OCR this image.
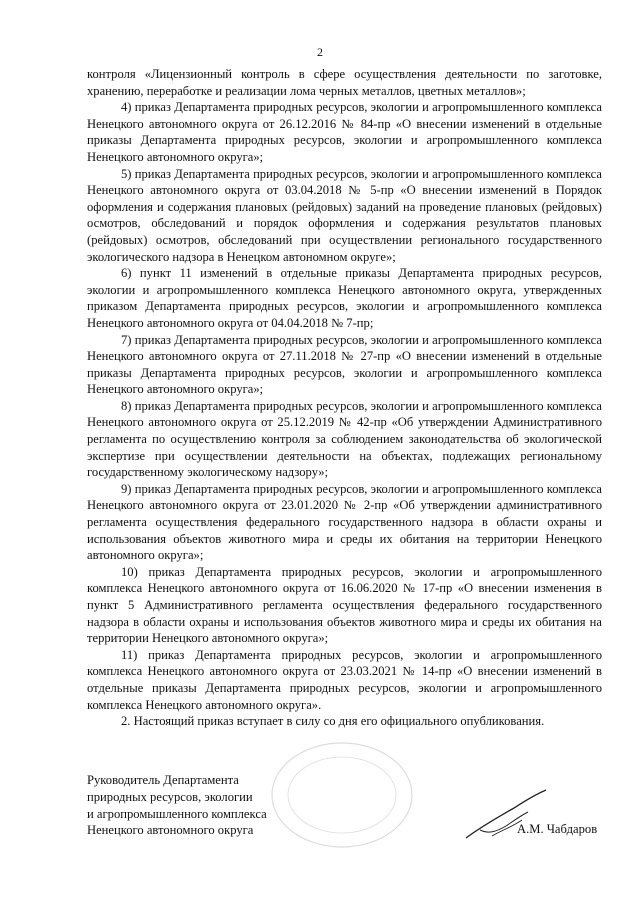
2

контроля «Лицензионный контроль в сфере осуществления деятельности по заготовке, хранению, переработке и реализации лома черных металлов, цветных металлов»;

4) приказ Департамента природных ресурсов, экологии и агропромышленного комплекса Ненецкого автономного округа от 26.12.2016 № 84-пр «О внесении изменений в отдельные приказы Департамента природных ресурсов, экологии и агропромышленного комплекса Ненецкого автономного округа»;

5) приказ Департамента природных ресурсов, экологии и агропромышленного комплекса Ненецкого автономного округа от 03.04.2018 № 5-пр «О внесении изменений в Порядок оформления и содержания плановых (рейдовых) заданий на проведение плановых (рейдовых) осмотров, обследований и порядок оформления и содержания результатов плановых (рейдовых) осмотров, обследований при осуществлении регионального государственного экологического надзора в Ненецком автономном округе»;

6) пункт 11 изменений в отдельные приказы Департамента природных ресурсов, экологии и агропромышленного комплекса Ненецкого автономного округа, утвержденных приказом Департамента природных ресурсов, экологии и агропромышленного комплекса Ненецкого автономного округа от 04.04.2018 № 7-пр;

7) приказ Департамента природных ресурсов, экологии и агропромышленного комплекса Ненецкого автономного округа от 27.11.2018 № 27-пр «О внесении изменений в отдельные приказы Департамента природных ресурсов, экологии и агропромышленного комплекса Ненецкого автономного округа»;

8) приказ Департамента природных ресурсов, экологии и агропромышленного комплекса Ненецкого автономного округа от 25.12.2019 № 42-пр «Об утверждении Административного регламента по осуществлению контроля за соблюдением законодательства об экологической экспертизе при осуществлении деятельности на объектах, подлежащих региональному государственному экологическому надзору»;

9) приказ Департамента природных ресурсов, экологии и агропромышленного комплекса Ненецкого автономного округа от 23.01.2020 № 2-пр «Об утверждении административного регламента осуществления федерального государственного надзора в области охраны и использования объектов животного мира и среды их обитания на территории Ненецкого автономного округа»;

10) приказ Департамента природных ресурсов, экологии и агропромышленного комплекса Ненецкого автономного округа от 16.06.2020 № 17-пр «О внесении изменения в пункт 5 Административного регламента осуществления федерального государственного надзора в области охраны и использования объектов животного мира и среды их обитания на территории Ненецкого автономного округа»;

11) приказ Департамента природных ресурсов, экологии и агропромышленного комплекса Ненецкого автономного округа от 23.03.2021 № 14-пр «О внесении изменений в отдельные приказы Департамента природных ресурсов, экологии и агропромышленного комплекса Ненецкого автономного округа».

2. Настоящий приказ вступает в силу со дня его официального опубликования.

Руководитель Департамента
природных ресурсов, экологии
и агропромышленного комплекса
Ненецкого автономного округа	А.М. Чабдаров
